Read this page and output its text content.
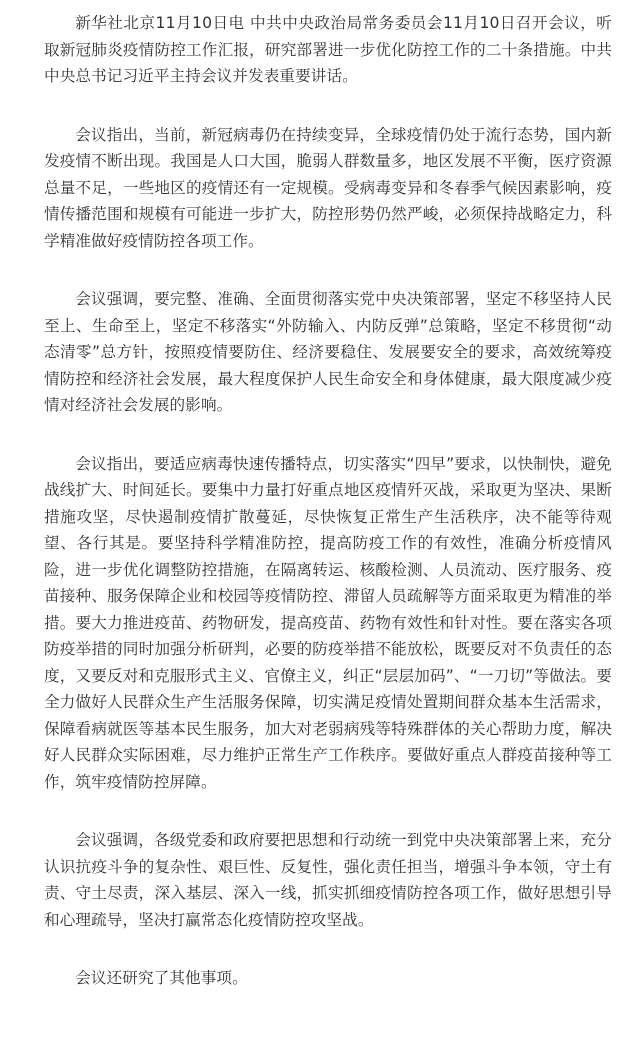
新华社北京11月10日电 中共中央政治局常务委员会11月10日召开会议，听取新冠肺炎疫情防控工作汇报，研究部署进一步优化防控工作的二十条措施。中共中央总书记习近平主持会议并发表重要讲话。

会议指出，当前，新冠病毒仍在持续变异，全球疫情仍处于流行态势，国内新发疫情不断出现。我国是人口大国，脆弱人群数量多，地区发展不平衡，医疗资源总量不足，一些地区的疫情还有一定规模。受病毒变异和冬春季气候因素影响，疫情传播范围和规模有可能进一步扩大，防控形势仍然严峻，必须保持战略定力，科学精准做好疫情防控各项工作。

会议强调，要完整、准确、全面贯彻落实党中央决策部署，坚定不移坚持人民至上、生命至上，坚定不移落实“外防输入、内防反弹”总策略，坚定不移贯彻“动态清零”总方针，按照疫情要防住、经济要稳住、发展要安全的要求，高效统筹疫情防控和经济社会发展，最大程度保护人民生命安全和身体健康，最大限度减少疫情对经济社会发展的影响。

会议指出，要适应病毒快速传播特点，切实落实“四早”要求，以快制快，避免战线扩大、时间延长。要集中力量打好重点地区疫情歼灭战，采取更为坚决、果断措施攻坚，尽快遏制疫情扩散蔓延，尽快恢复正常生产生活秩序，决不能等待观望、各行其是。要坚持科学精准防控，提高防疫工作的有效性，准确分析疫情风险，进一步优化调整防控措施，在隔离转运、核酸检测、人员流动、医疗服务、疫苗接种、服务保障企业和校园等疫情防控、滞留人员疏解等方面采取更为精准的举措。要大力推进疫苗、药物研发，提高疫苗、药物有效性和针对性。要在落实各项防疫举措的同时加强分析研判，必要的防疫举措不能放松，既要反对不负责任的态度，又要反对和克服形式主义、官僚主义，纠正“层层加码”、“一刀切”等做法。要全力做好人民群众生产生活服务保障，切实满足疫情处置期间群众基本生活需求，保障看病就医等基本民生服务，加大对老弱病残等特殊群体的关心帮助力度，解决好人民群众实际困难，尽力维护正常生产工作秩序。要做好重点人群疫苗接种等工作，筑牢疫情防控屏障。

会议强调，各级党委和政府要把思想和行动统一到党中央决策部署上来，充分认识抗疫斗争的复杂性、艰巨性、反复性，强化责任担当，增强斗争本领，守土有责、守土尽责，深入基层、深入一线，抓实抓细疫情防控各项工作，做好思想引导和心理疏导，坚决打赢常态化疫情防控攻坚战。

会议还研究了其他事项。
